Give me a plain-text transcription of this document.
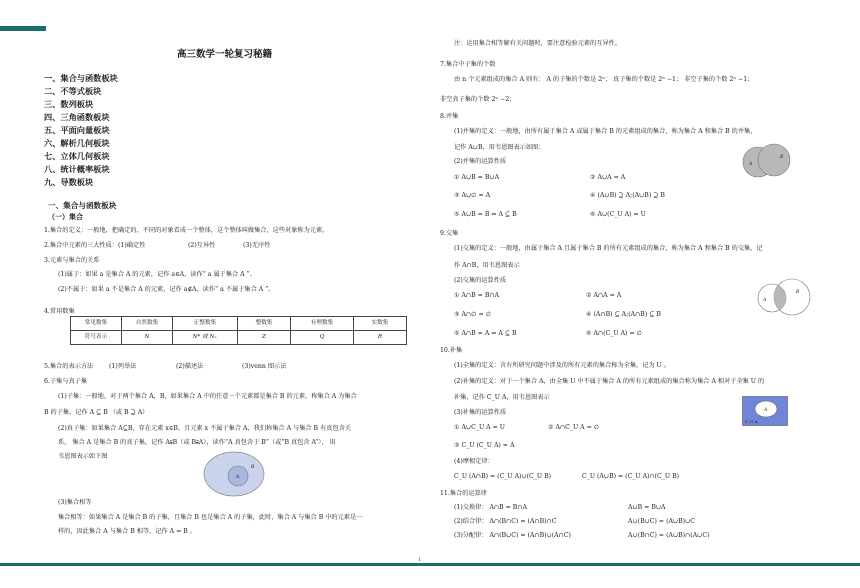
1
高三数学一轮复习秘籍
一、集合与函数板块
二、不等式板块
三、数列板块
四、三角函数板块
五、平面向量板块
六、解析几何板块
七、立体几何板块
八、统计概率板块
九、导数板块
一、集合与函数板块
（一）集合
1.集合的定义：一般地，把确定的、不同的对象看成一个整体，这个整体叫做集合，这些对象称为元素。
2.集合中元素的三大性质：(1)确定性	(2)互异性	(3)无序性
3.元素与集合的关系
(1)属于：如果 a 是集合 A 的元素，记作 a∈A，读作“ a 属于集合 A ”。
(2)不属于：如果 a 不是集合 A 的元素，记作 a∉A，读作“ a 不属于集合 A ”。
4.常用数集
常见数集	自然数集	正整数集	整数集	有理数集	实数集
符号表示	N	N* 或 N₊	Z	Q	R
5.集合的表示方法	(1)列举法	(2)描述法	(3)venn 图示法
6.子集与真子集
(1)子集：一般地，对于两个集合 A，B，如果集合 A 中的任意一个元素都是集合 B 的元素，称集合 A 为集合
B 的子集，记作 A ⊆ B （或 B ⊇ A）
(2)真子集：如果集合 A⊆B，存在元素 x∈B，且元素 x 不属于集合 A，我们称集合 A 与集合 B 有真包含关
系， 集合 A 是集合 B 的真子集，记作 A⫋B（或 B⫌A），读作“A 真包含于 B”（或“B 真包含 A”）， 用
韦恩图表示如下图
B
A
(3)集合相等
集合相等：如果集合 A 是集合 B 的子集，且集合 B 也是集合 A 的子集，此时，集合 A 与集合 B 中的元素是一
样的，因此集合 A 与集合 B 相等，记作 A = B 。
注：运用集合相等解有关问题时，要注意检验元素的互异性。
7.集合中子集的个数
由 n 个元素组成的集合 A 则有： A 的子集的个数是 2ⁿ； 真子集的个数是 2ⁿ −1； 非空子集的个数 2ⁿ −1；
非空真子集的个数 2ⁿ −2；
8.并集
(1)并集的定义：一般地，由所有属于集合 A 或属于集合 B 的元素组成的集合，称为集合 A 和集合 B 的并集，
记作 A∪B，用韦恩图表示如图：
(2)并集的运算性质
① A∪B = B∪A	② A∪A = A
③ A∪∅ = A	④ (A∪B) ⊇ A;(A∪B) ⊇ B
⑤ A∪B = B ⇔ A ⊆ B	⑥ A∪(C_U A) = U
A
B
9.交集
(1)交集的定义：一般地，由属于集合 A 且属于集合 B 的所有元素组成的集合，称为集合 A 和集合 B 的交集，记
作 A∩B，用韦恩图表示
(2)交集的运算性质
① A∩B = B∩A	② A∩A = A
③ A∩∅ = ∅	④ (A∩B) ⊆ A;(A∩B) ⊆ B
⑤ A∩B = A ⇔ A ⊆ B	⑥ A∩(C_U A) = ∅
A
B
10.补集
(1)全集的定义：含有所研究问题中涉及的所有元素的集合称为全集，记为 U 。
(2)补集的定义：对于一个集合 A，由全集 U 中不属于集合 A 的所有元素组成的集合称为集合 A 相对于全集 U 的
补集，记作 C_U A，用韦恩图表示
(3)补集的运算性质
① A∪C_U A = U	② A∩C_U A = ∅
③ C_U (C_U A) = A
(4)摩根定律：
C_U (A∩B) = (C_U A)∪(C_U B)	C_U (A∪B) = (C_U A)∩(C_U B)
A
C_U A
11.集合的运算律
(1)交换律： A∩B = B∩A	A∪B = B∪A
(2)结合律： A∩(B∩C) = (A∩B)∩C	A∪(B∪C) = (A∪B)∪C
(3)分配律： A∩(B∪C) = (A∩B)∪(A∩C)	A∪(B∩C) = (A∪B)∩(A∪C)
